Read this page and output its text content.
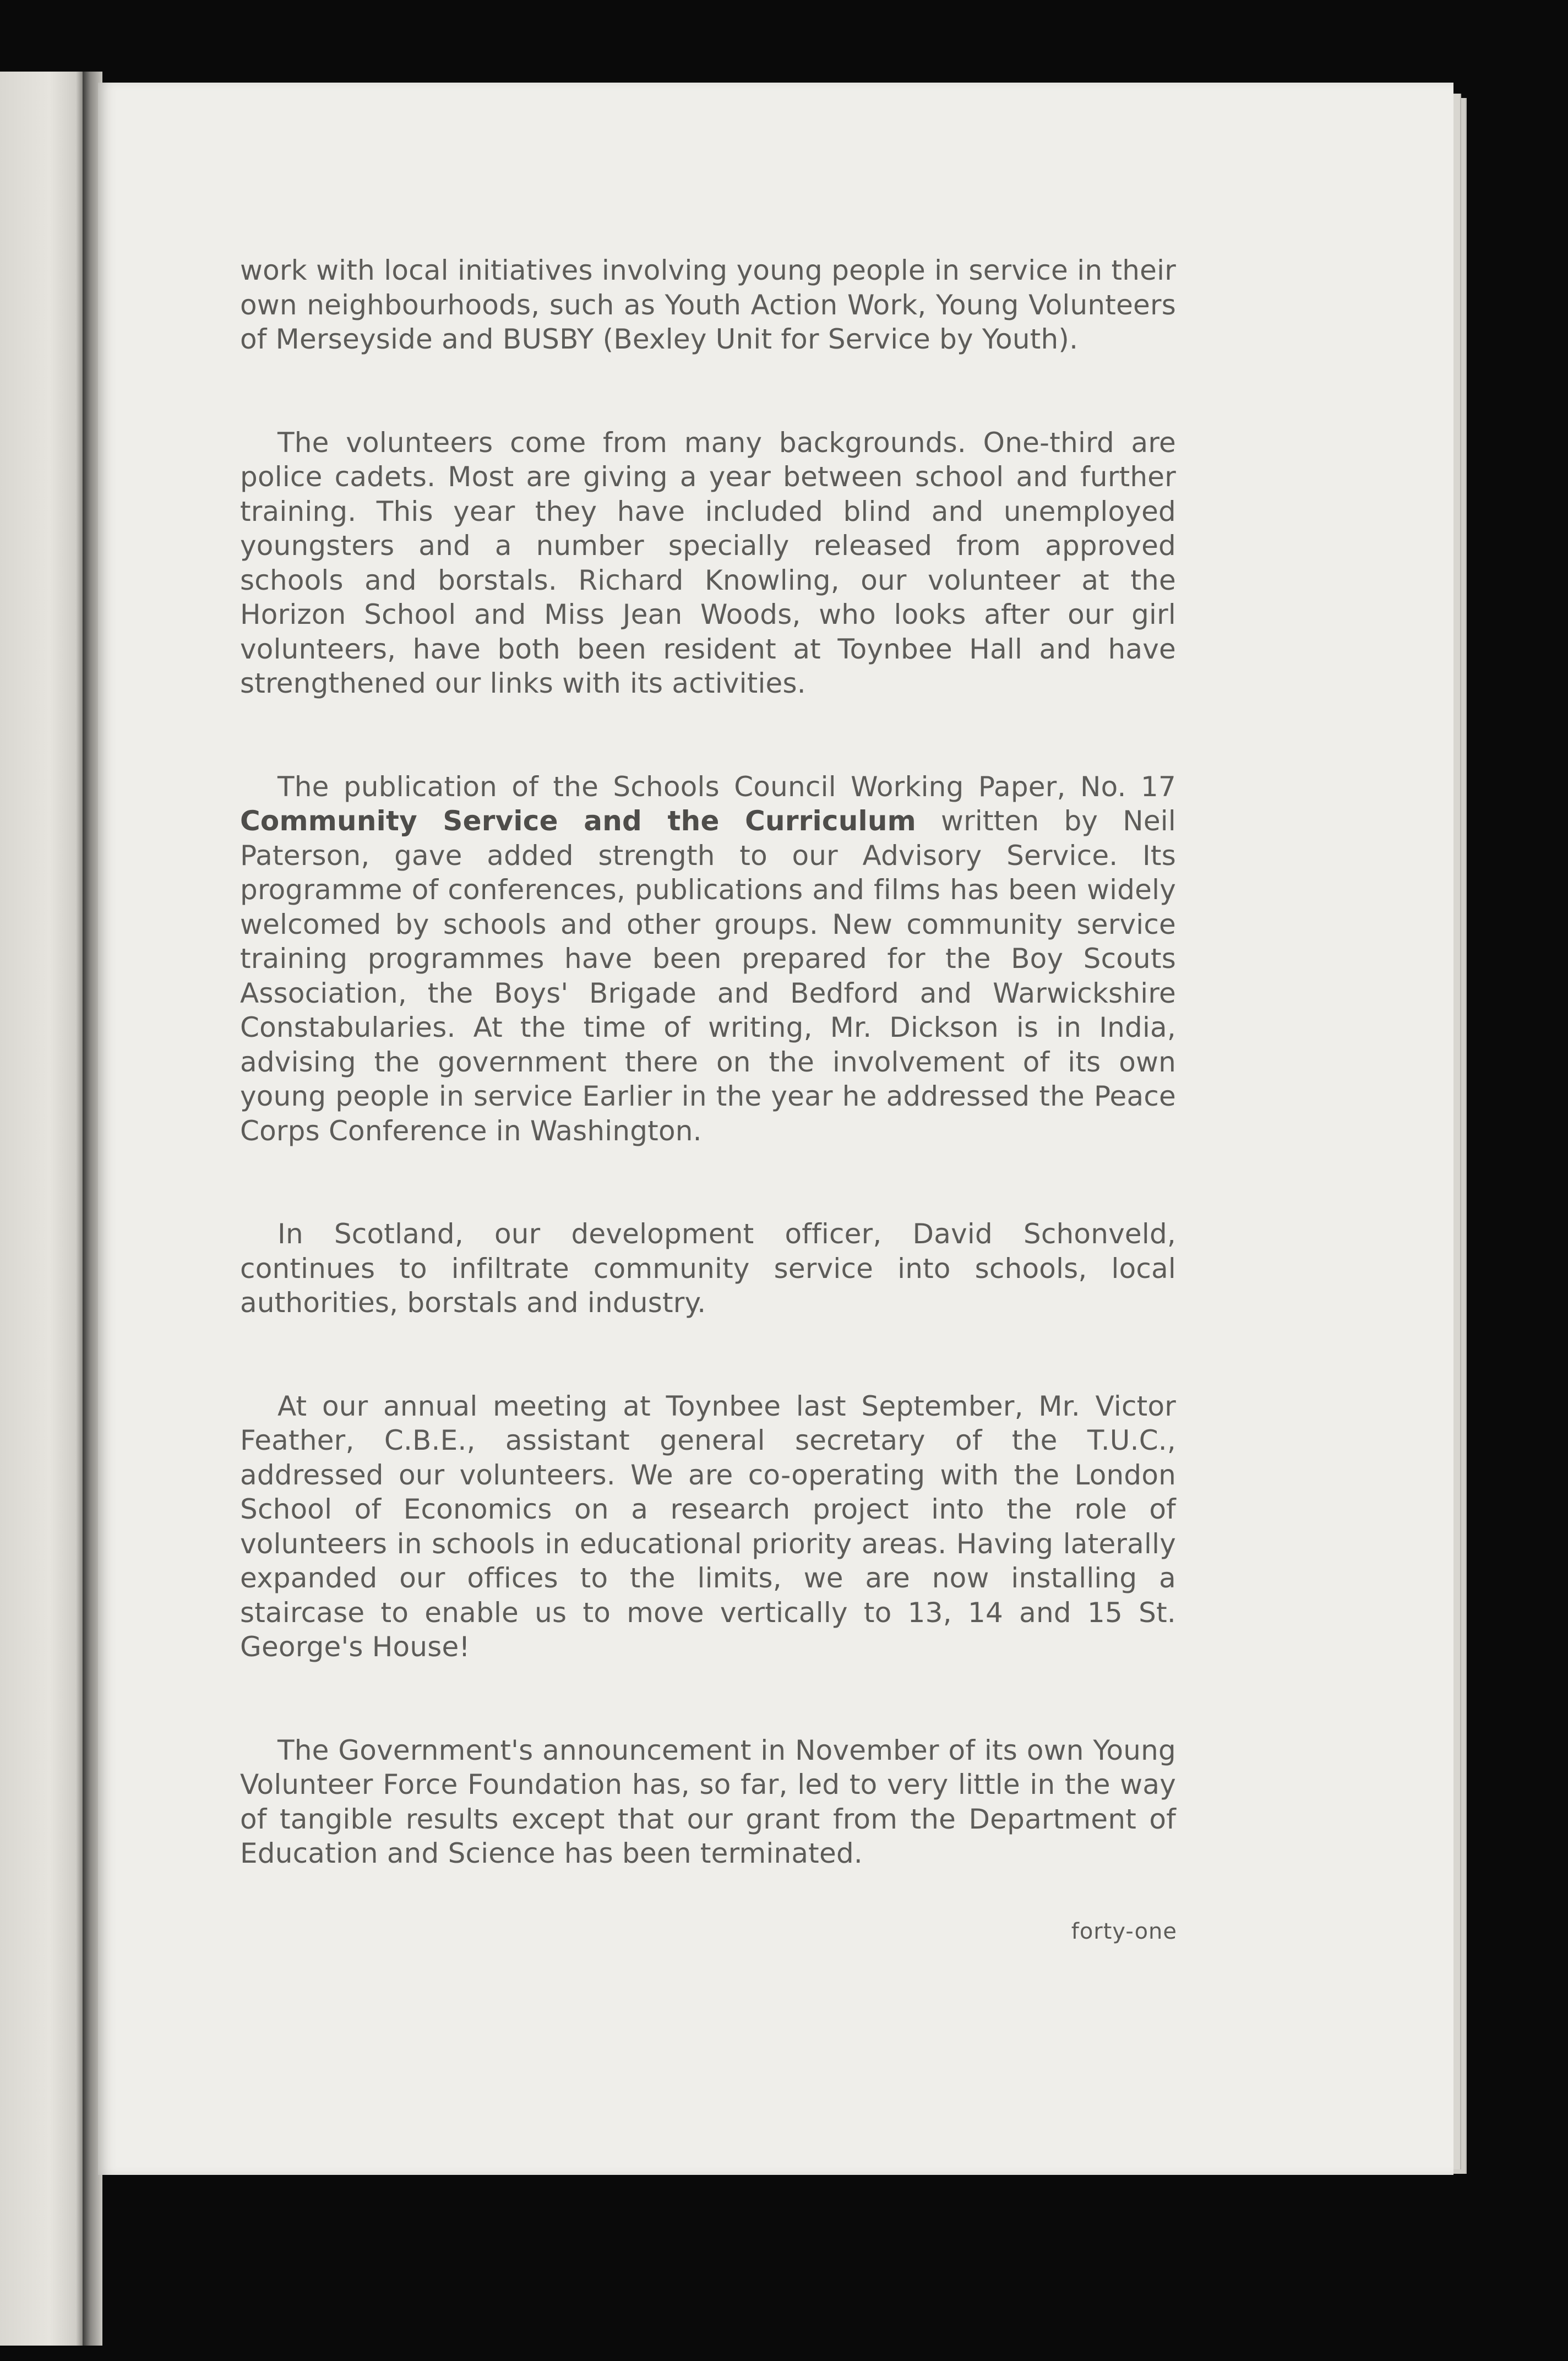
work with local initiatives involving young people in service in their own neighbourhoods, such as Youth Action Work, Young Volunteers of Merseyside and BUSBY (Bexley Unit for Service by Youth).

The volunteers come from many backgrounds. One-third are police cadets. Most are giving a year between school and further training. This year they have included blind and unemployed youngsters and a number specially released from approved schools and borstals. Richard Knowling, our volunteer at the Horizon School and Miss Jean Woods, who looks after our girl volunteers, have both been resident at Toynbee Hall and have strengthened our links with its activities.

The publication of the Schools Council Working Paper, No. 17 Community Service and the Curriculum written by Neil Paterson, gave added strength to our Advisory Service. Its programme of conferences, publications and films has been widely welcomed by schools and other groups. New community service training programmes have been prepared for the Boy Scouts Association, the Boys' Brigade and Bedford and Warwickshire Constabularies. At the time of writing, Mr. Dickson is in India, advising the government there on the involvement of its own young people in service Earlier in the year he addressed the Peace Corps Conference in Washington.

In Scotland, our development officer, David Schonveld, continues to infiltrate community service into schools, local authorities, borstals and industry.

At our annual meeting at Toynbee last September, Mr. Victor Feather, C.B.E., assistant general secretary of the T.U.C., addressed our volunteers. We are co-operating with the London School of Economics on a research project into the role of volunteers in schools in educational priority areas. Having laterally expanded our offices to the limits, we are now installing a staircase to enable us to move vertically to 13, 14 and 15 St. George's House!

The Government's announcement in November of its own Young Volunteer Force Foundation has, so far, led to very little in the way of tangible results except that our grant from the Department of Education and Science has been terminated.

forty-one
